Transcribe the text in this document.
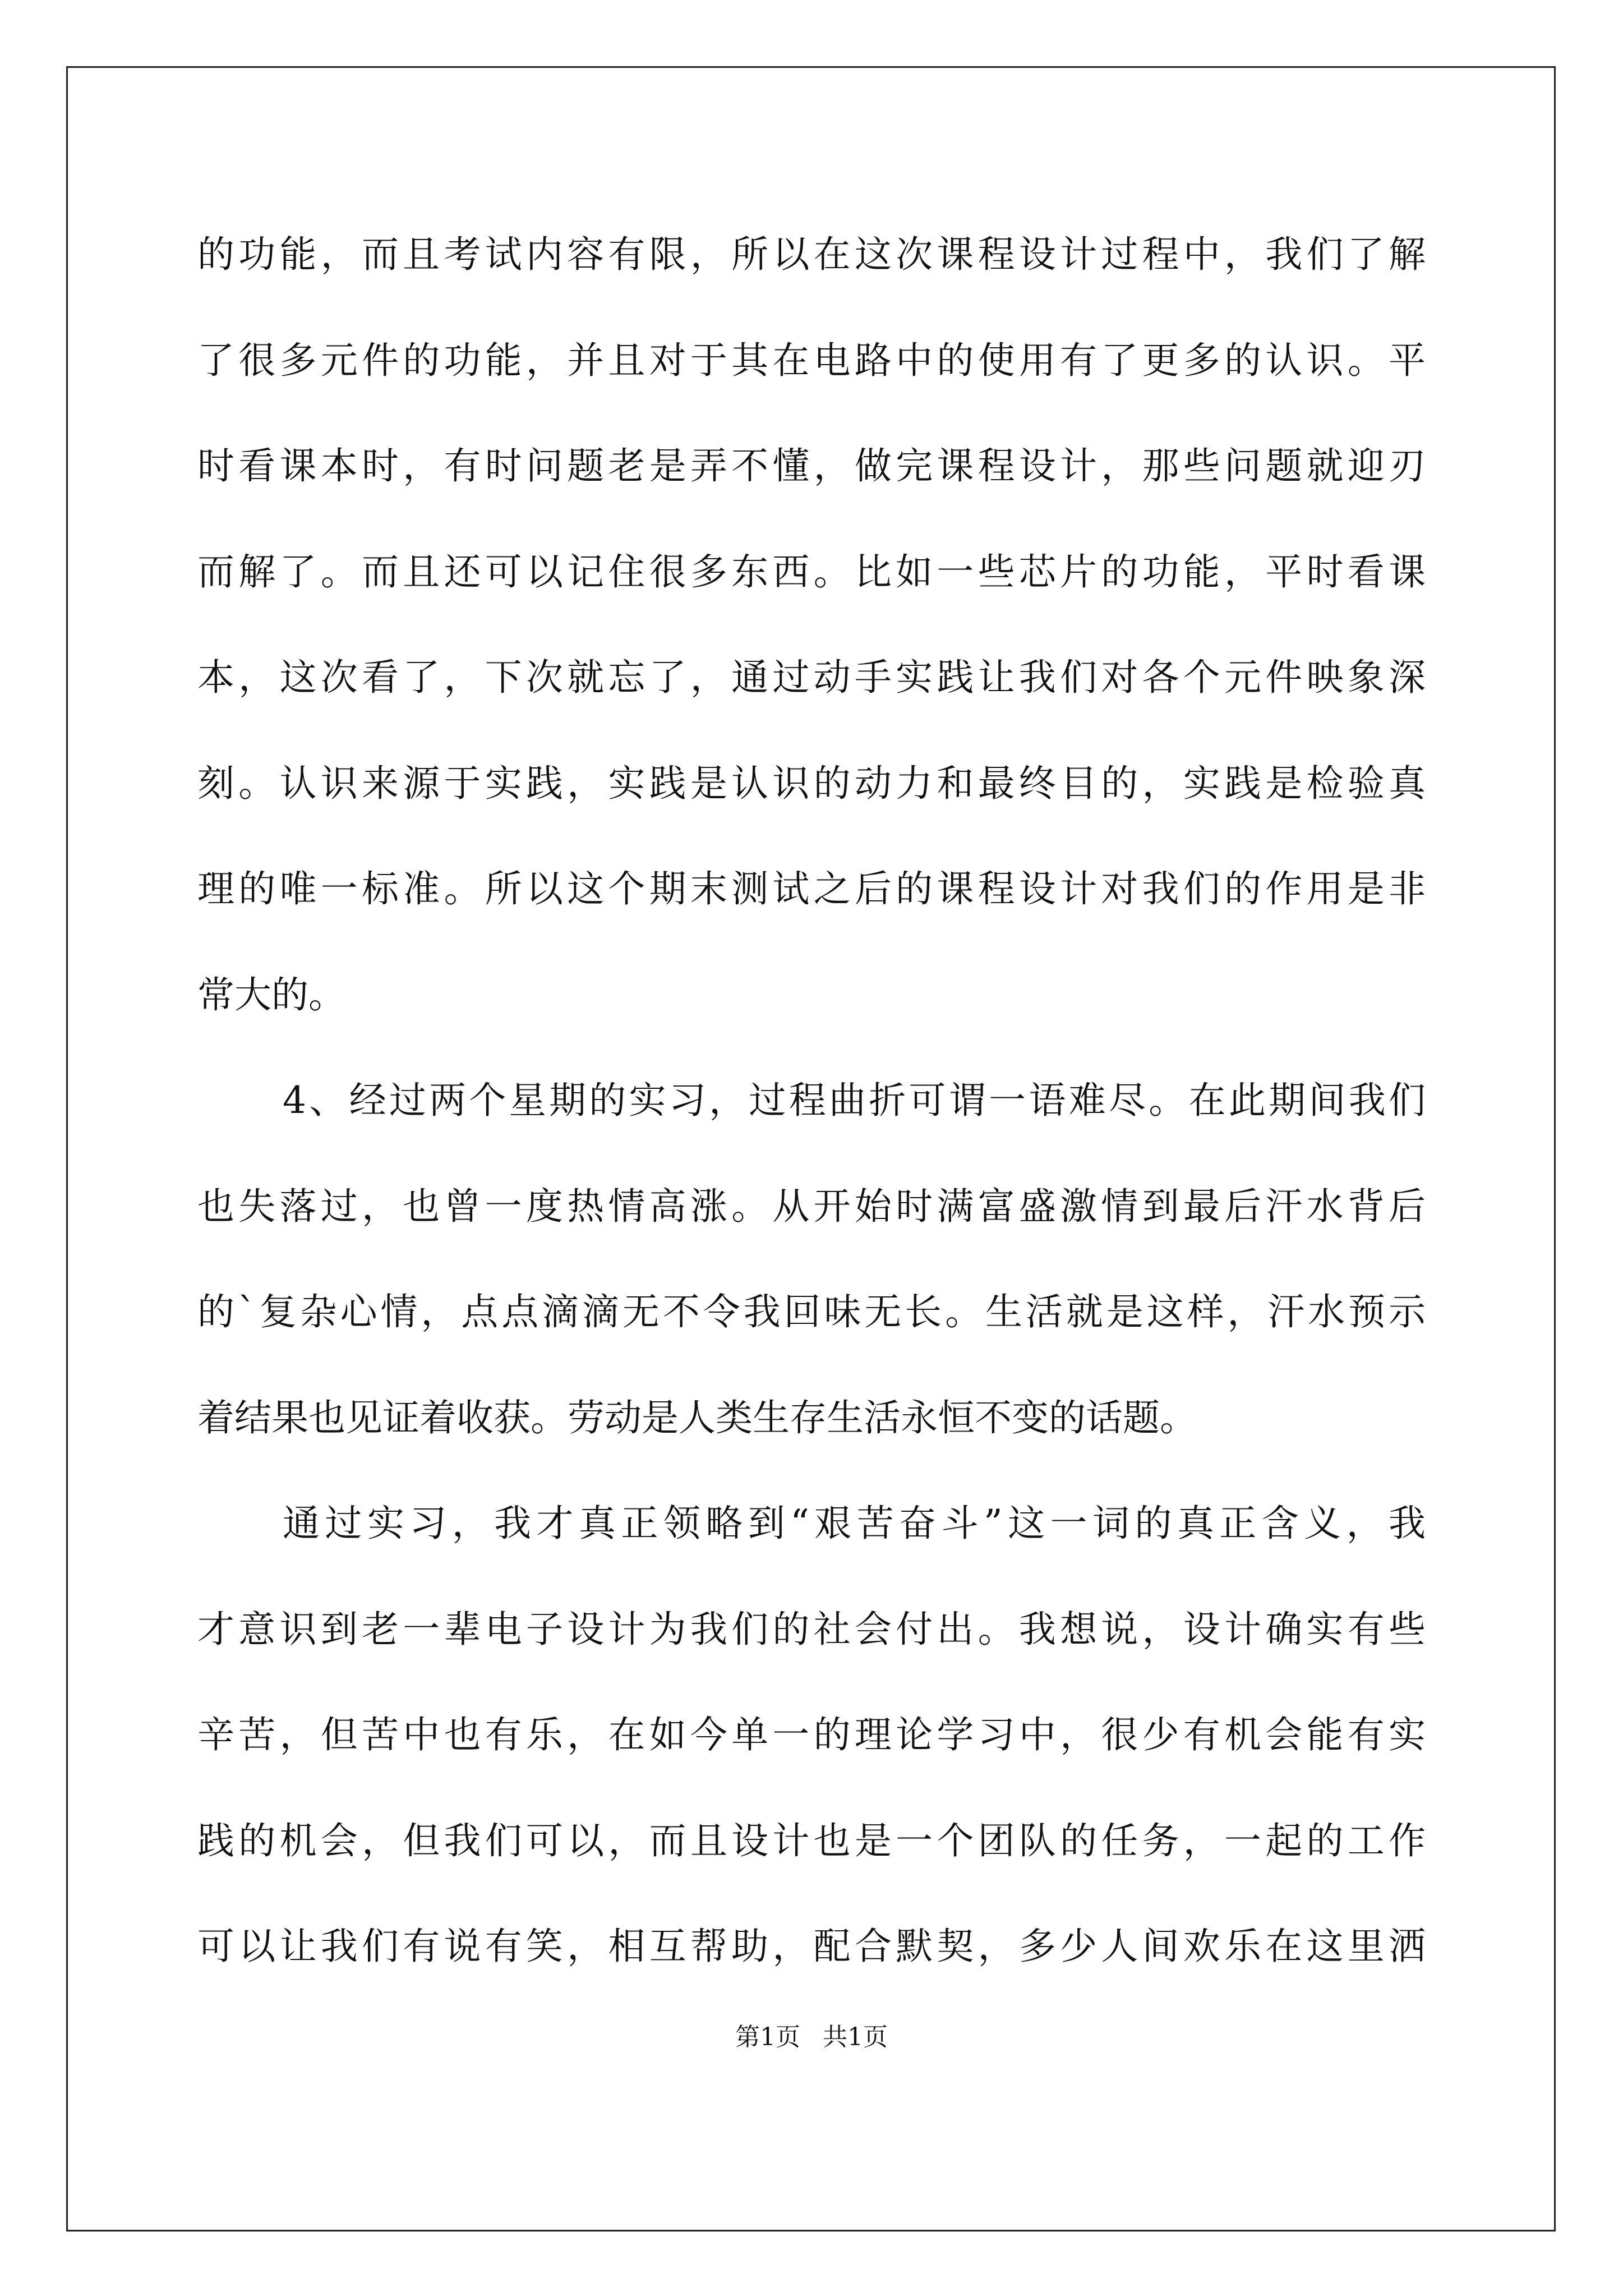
的功能，而且考试内容有限，所以在这次课程设计过程中，我们了解
了很多元件的功能，并且对于其在电路中的使用有了更多的认识。平
时看课本时，有时问题老是弄不懂，做完课程设计，那些问题就迎刃
而解了。而且还可以记住很多东西。比如一些芯片的功能，平时看课
本，这次看了，下次就忘了，通过动手实践让我们对各个元件映象深
刻。认识来源于实践，实践是认识的动力和最终目的，实践是检验真
理的唯一标准。所以这个期末测试之后的课程设计对我们的作用是非
常大的。
4、经过两个星期的实习，过程曲折可谓一语难尽。在此期间我们
也失落过，也曾一度热情高涨。从开始时满富盛激情到最后汗水背后
的`复杂心情，点点滴滴无不令我回味无长。生活就是这样，汗水预示
着结果也见证着收获。劳动是人类生存生活永恒不变的话题。
通过实习，我才真正领略到“艰苦奋斗”这一词的真正含义，我
才意识到老一辈电子设计为我们的社会付出。我想说，设计确实有些
辛苦，但苦中也有乐，在如今单一的理论学习中，很少有机会能有实
践的机会，但我们可以，而且设计也是一个团队的任务，一起的工作
可以让我们有说有笑，相互帮助，配合默契，多少人间欢乐在这里洒
第1页 共1页
